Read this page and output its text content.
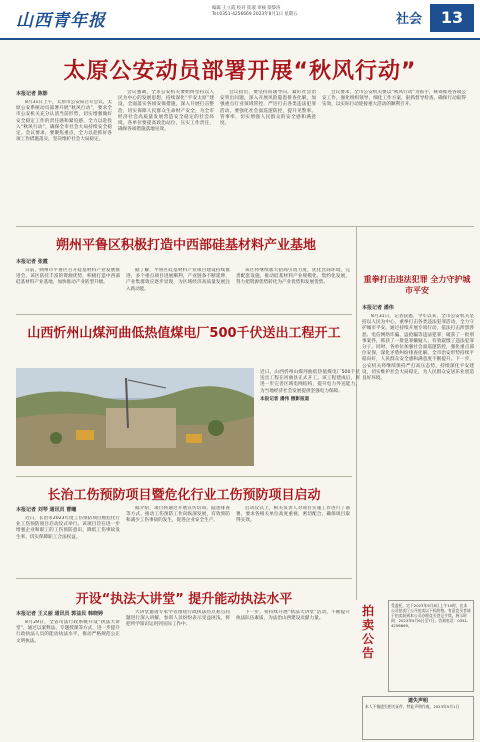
山西青年报
编辑 王立霞 校对 崔淑 审核 梁黎涛
Tel:0351-4256669 2023年8月1日 星期五	社会	13
太原公安动员部署开展“秋风行动”
本报记者 陈影

8月31日上午，太原市公安局召开会议，太原公安系统动员部署开展“秋风行动”，要求全市公安机关充分认清当前形势，切实增强做好安全稳定工作的责任感和紧迫感，全力以赴投入“秋风行动”，确保全市社会大局持续安全稳定。会议要求，要聚焦重点，全力以赴抓好各项工作措施落实，坚决维护社会大局稳定。

会议强调，全市公安机关要始终坚持以人民为中心的发展思想，持续深化“平安太原”建设，全面落实各项安保措施，深入开展打击整治，切实保障人民群众生命财产安全，为全市经济社会高质量发展营造安全稳定的社会环境。各单位要提高政治站位，压实工作责任，确保各项措施落地见效。

会议指出，要坚持问题导向，紧盯社会治安突出问题，深入开展风险隐患排查化解，加强重点行业领域管控，严厉打击各类违法犯罪活动。要强化社会面巡逻防控，提升见警率、管事率，切实增强人民群众的安全感和满意度。

会议要求，全市公安机关要以“秋风行动”为抓手，统筹推进各项公安工作，强化组织领导，细化工作方案，狠抓督导检查，确保行动取得实效，以实际行动迎接重大活动的顺利召开。

朔州平鲁区积极打造中西部硅基材料产业基地
本报记者 张霞

日前，朔州市平鲁区召开硅基材料产业发展推进会，该区依托丰富的资源优势，积极打造中西部硅基材料产业基地，加快推动产业转型升级。

据了解，平鲁区硅基材料产业项目建设持续推进，多个重点项目进展顺利，产业链条不断延伸，产业集群效应逐步显现，为区域经济高质量发展注入新动能。

该区将继续加大招商引资力度，优化营商环境，完善配套设施，推动硅基材料产业规模化、集约化发展，努力把资源优势转化为产业优势和发展优势。	重拳打击违法犯罪 全力守护城市平安
本报记者 潘伟

8月31日，记者获悉，今年以来，全市公安机关坚持以人民为中心，重拳打击各类违法犯罪活动，全力守护城市平安。通过持续开展专项行动，依法打击涉黑涉恶、电信网络诈骗、盗抢骗等违法犯罪，破获了一批刑事案件，抓获了一批犯罪嫌疑人，有效震慑了违法犯罪分子。同时，各单位加强社会面巡逻防控，强化重点部位安保，深化矛盾纠纷排查化解，全市治安形势持续平稳向好，人民群众安全感和满意度不断提升。下一步，公安机关将继续保持严打高压态势，持续深化平安建设，切实维护社会大局稳定，为人民群众安居乐业创造良好环境。

山西忻州山煤河曲低热值煤电厂500千伏送出工程开工

近日，山西忻州山煤河曲低热值煤电厂500千伏送出工程在河曲县正式开工。该工程建成后，将进一步完善区域电网结构，提升电力外送能力，为当地经济社会发展提供坚强电力保障。

本报记者 潘伟 摄影报道

长治工伤预防项目暨危化行业工伤预防项目启动
本报记者 刘琴 通讯员 曹曦

近日，长治市2023年度工伤预防项目暨危化行业工伤预防项目启动仪式举行。该项目旨在进一步增强企业和职工的工伤预防意识，降低工伤事故发生率，切实保障职工合法权益。

据介绍，项目将通过开展宣传培训、隐患排查等方式，推动工伤预防工作向纵深发展，有效预防和减少工伤事故的发生，促进企业安全生产。

启动仪式上，相关负责人对项目实施工作进行了部署，要求各相关单位高度重视，密切配合，确保项目取得实效。

开设“执法大讲堂” 提升能动执法水平
本报记者 王义丽 通讯员 郭益民 韩晓婷

8月29日，全省司法行政系统开设“执法大讲堂”，通过以案释法、专题授课等方式，进一步提升行政执法人员的能动执法水平，推动严格规范公正文明执法。

大讲堂邀请专家学者围绕行政执法热点难点问题进行深入讲解，参训人员纷纷表示受益匪浅，将把所学知识运用到实际工作中。

下一步，将持续开展“执法大讲堂”活动，不断提升执法队伍素质，为法治山西建设贡献力量。

拍卖公告

受委托，定于2023年9月8日上午10时，在本公司拍卖厅公开拍卖以下标的物。有意竞买者请于拍卖前到本公司办理竞买登记手续。展示时间：2023年9月6日至7日。咨询电话：0351-4256669。

遗失声明

本人不慎遗失相关证件，特此声明作废。2023年9月1日
